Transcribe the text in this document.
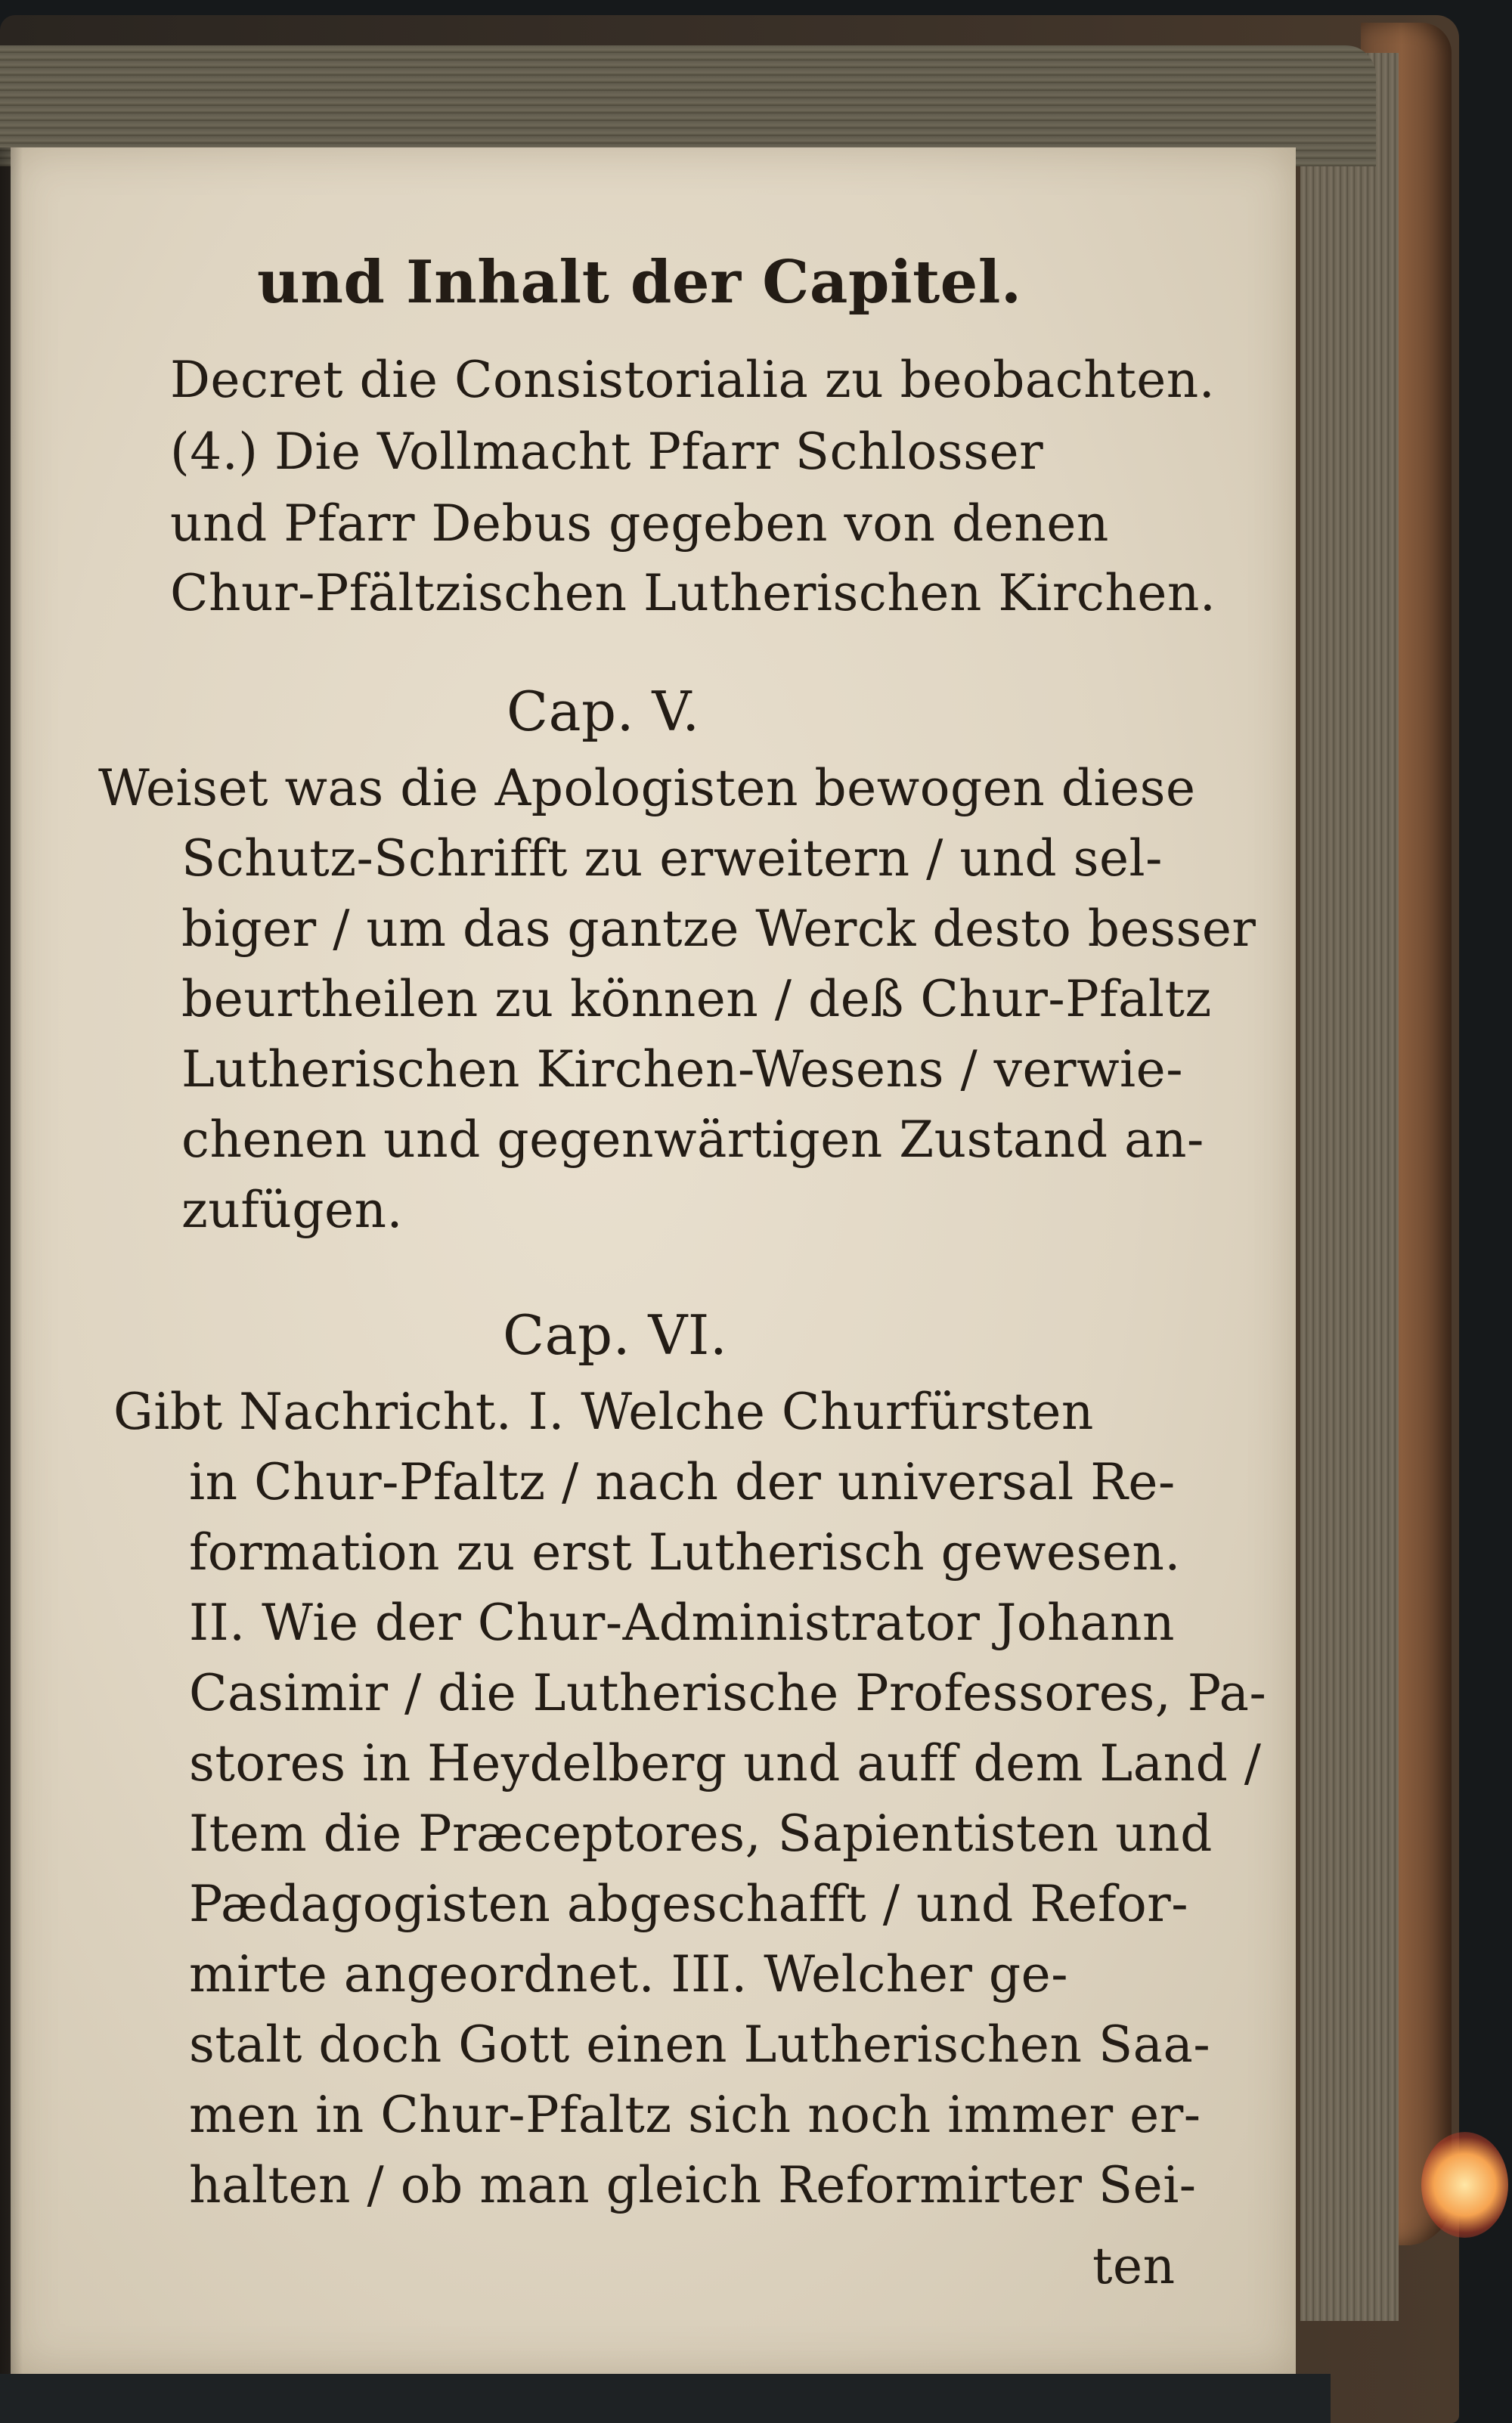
und Inhalt der Capitel.

Decret die Consistorialia zu beobachten.

(4.) Die Vollmacht Pfarr Schlosser

und Pfarr Debus gegeben von denen

Chur-Pfältzischen Lutherischen Kirchen.

Cap. V.

Weiset was die Apologisten bewogen diese

Schutz-Schrifft zu erweitern / und sel-

biger / um das gantze Werck desto besser

beurtheilen zu können / deß Chur-Pfaltz

Lutherischen Kirchen-Wesens / verwie-

chenen und gegenwärtigen Zustand an-

zufügen.

Cap. VI.

Gibt Nachricht. I. Welche Churfürsten

in Chur-Pfaltz / nach der universal Re-

formation zu erst Lutherisch gewesen.

II. Wie der Chur-Administrator Johann

Casimir / die Lutherische Professores, Pa-

stores in Heydelberg und auff dem Land /

Item die Præceptores, Sapientisten und

Pædagogisten abgeschafft / und Refor-

mirte angeordnet. III. Welcher ge-

stalt doch Gott einen Lutherischen Saa-

men in Chur-Pfaltz sich noch immer er-

halten / ob man gleich Reformirter Sei-

ten
